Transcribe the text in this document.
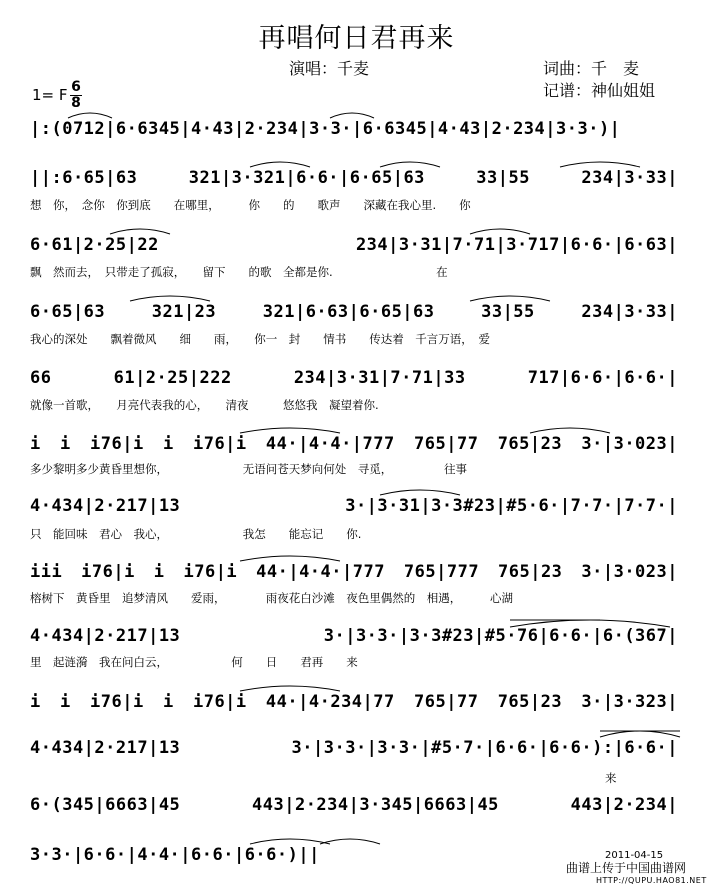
再唱何日君再来
演唱：千麦	词曲：千　麦
记谱：神仙姐姐
1= F 6
8
|:(0712|6·6345|4·43|2·234|3·3·|6·6345|4·43|2·234|3·3·)|
||:6·65|63 321|3·321|6·6·|6·65|63 33|55 234|3·33|
想　你，　念你　你到底　　在哪里，　　　你　　的　　歌声　　深藏在我心里.　　你
6·61|2·25|22 234|3·31|7·71|3·717|6·6·|6·63|
飘　然而去，　只带走了孤寂，　　留下　　的歌　全都是你.　　　　　　　　　在
6·65|63 321|23 321|6·63|6·65|63 33|55 234|3·33|
我心的深处　　飘着微风　　细　　雨，　　你一　封　　情书　　传达着　千言万语，　爱
66 61|2·25|222 234|3·31|7·71|33 717|6·6·|6·6·|
就像一首歌，　　月亮代表我的心，　　清夜　　　悠悠我　凝望着你.
i i i76|i i i76|i 44·|4·4·|777 765|77 765|23 3·|3·023|
多少黎明多少黄昏里想你，　　　　　　　无语问苍天梦向何处　寻觅，　　　　　往事
4·434|2·217|13 3·|3·31|3·3#23|#5·6·|7·7·|7·7·|
只　能回味　君心　我心，　　　　　　　我怎　　能忘记　　你.
iii i76|i i i76|i 44·|4·4·|777 765|777 765|23 3·|3·023|
榕树下　黄昏里　追梦清风　　爱雨，　　　　雨夜花白沙滩　夜色里偶然的　相遇，　　　心湖
4·434|2·217|13 3·|3·3·|3·3#23|#5·76|6·6·|6·(367|
里　起涟漪　我在问白云，　　　　　　何　　日　　君再　　来
i i i76|i i i76|i 44·|4·234|77 765|77 765|23 3·|3·323|
4·434|2·217|13 3·|3·3·|3·3·|#5·7·|6·6·|6·6·):|6·6·|
　　　　　　　　　　　　　　　　　　　　　　　　　　　　　　　　　　　　　　　　　　　　　　　　　　来
6·(345|6663|45 443|2·234|3·345|6663|45 443|2·234|
3·3·|6·6·|4·4·|6·6·|6·6·)||	2011-04-15
曲谱上传于中国曲谱网
HTTP://QUPU.HAO81.NET
